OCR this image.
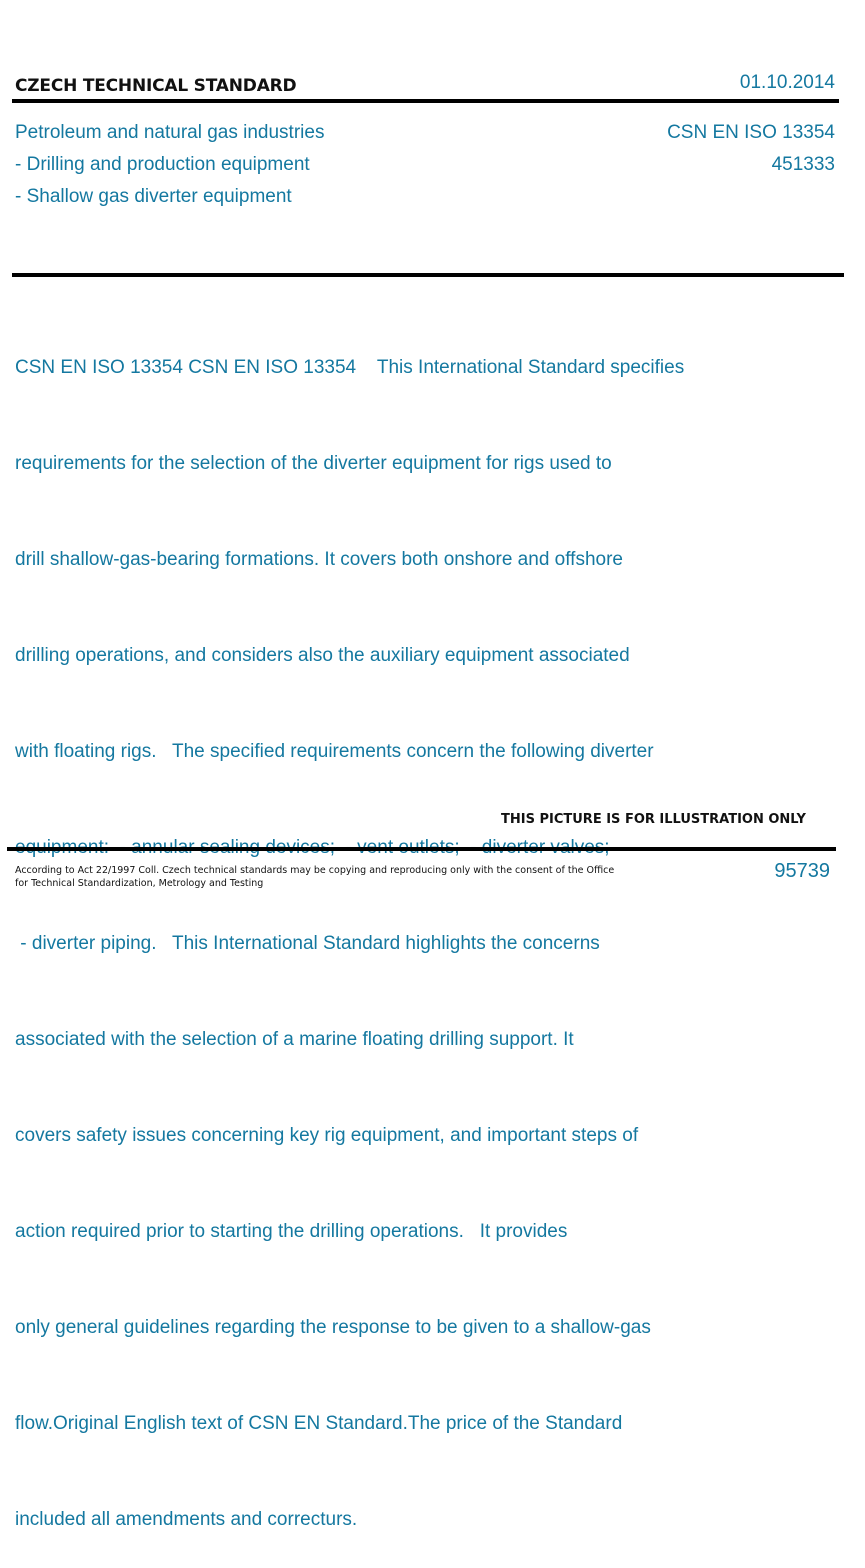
CZECH TECHNICAL STANDARD	01.10.2014
Petroleum and natural gas industries
- Drilling and production equipment
- Shallow gas diverter equipment
CSN EN ISO 13354
451333

CSN EN ISO 13354 CSN EN ISO 13354    This International Standard specifies

requirements for the selection of the diverter equipment for rigs used to

drill shallow-gas-bearing formations. It covers both onshore and offshore

drilling operations, and considers also the auxiliary equipment associated

with floating rigs.   The specified requirements concern the following diverter

- diverter piping.   This International Standard highlights the concerns

associated with the selection of a marine floating drilling support. It

covers safety issues concerning key rig equipment, and important steps of

action required prior to starting the drilling operations.   It provides

only general guidelines regarding the response to be given to a shallow-gas

flow.Original English text of CSN EN Standard.The price of the Standard

included all amendments and correcturs.

THIS PICTURE IS FOR ILLUSTRATION ONLY
According to Act 22/1997 Coll. Czech technical standards may be copying and reproducing only with the consent of the Office
for Technical Standardization, Metrology and Testing
95739
